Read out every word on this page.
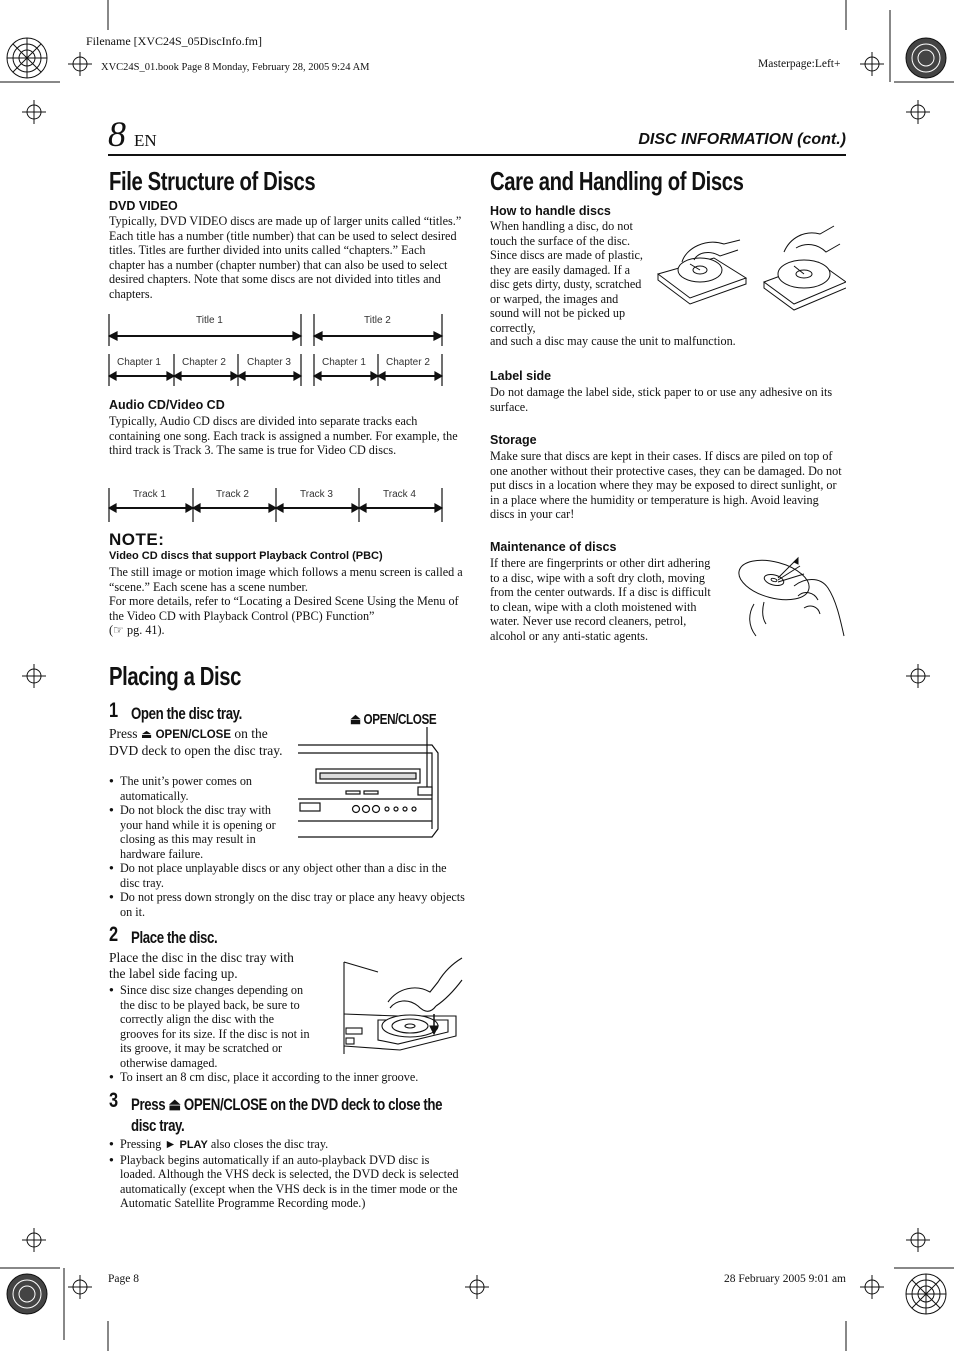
Filename [XVC24S_05DiscInfo.fm]
XVC24S_01.book Page 8 Monday, February 28, 2005 9:24 AM	Masterpage:Left+
8 EN	DISC INFORMATION (cont.)
File Structure of Discs
DVD VIDEO
Typically, DVD VIDEO discs are made up of larger units called “titles.” Each title has a number (title number) that can be used to select desired titles. Titles are further divided into units called “chapters.” Each chapter has a number (chapter number) that can also be used to select desired chapters. Note that some discs are not divided into titles and chapters.
Title 1	Title 2
Chapter 1 Chapter 2 Chapter 3	Chapter 1 Chapter 2
Audio CD/Video CD
Typically, Audio CD discs are divided into separate tracks each containing one song. Each track is assigned a number. For example, the third track is Track 3. The same is true for Video CD discs.
Track 1	Track 2	Track 3	Track 4
NOTE:
Video CD discs that support Playback Control (PBC)
The still image or motion image which follows a menu screen is called a “scene.” Each scene has a scene number.
For more details, refer to “Locating a Desired Scene Using the Menu of the Video CD with Playback Control (PBC) Function”
(☞ pg. 41).
Placing a Disc
1 Open the disc tray.
Press ⏏ OPEN/CLOSE on the DVD deck to open the disc tray.
⏏ OPEN/CLOSE
● The unit’s power comes on automatically.
● Do not block the disc tray with your hand while it is opening or closing as this may result in hardware failure.
● Do not place unplayable discs or any object other than a disc in the disc tray.
● Do not press down strongly on the disc tray or place any heavy objects on it.
2 Place the disc.
Place the disc in the disc tray with the label side facing up.
● Since disc size changes depending on the disc to be played back, be sure to correctly align the disc with the grooves for its size. If the disc is not in its groove, it may be scratched or otherwise damaged.
● To insert an 8 cm disc, place it according to the inner groove.
3 Press ⏏ OPEN/CLOSE on the DVD deck to close the disc tray.
● Pressing ► PLAY also closes the disc tray.
● Playback begins automatically if an auto-playback DVD disc is loaded. Although the VHS deck is selected, the DVD deck is selected automatically (except when the VHS deck is in the timer mode or the Automatic Satellite Programme Recording mode.)
Care and Handling of Discs
How to handle discs
When handling a disc, do not touch the surface of the disc. Since discs are made of plastic, they are easily damaged. If a disc gets dirty, dusty, scratched or warped, the images and sound will not be picked up correctly,
and such a disc may cause the unit to malfunction.
Label side
Do not damage the label side, stick paper to or use any adhesive on its surface.
Storage
Make sure that discs are kept in their cases. If discs are piled on top of one another without their protective cases, they can be damaged. Do not put discs in a location where they may be exposed to direct sunlight, or in a place where the humidity or temperature is high. Avoid leaving discs in your car!
Maintenance of discs
If there are fingerprints or other dirt adhering to a disc, wipe with a soft dry cloth, moving from the center outwards. If a disc is difficult to clean, wipe with a cloth moistened with water. Never use record cleaners, petrol, alcohol or any anti-static agents.
Page 8	28 February 2005 9:01 am
